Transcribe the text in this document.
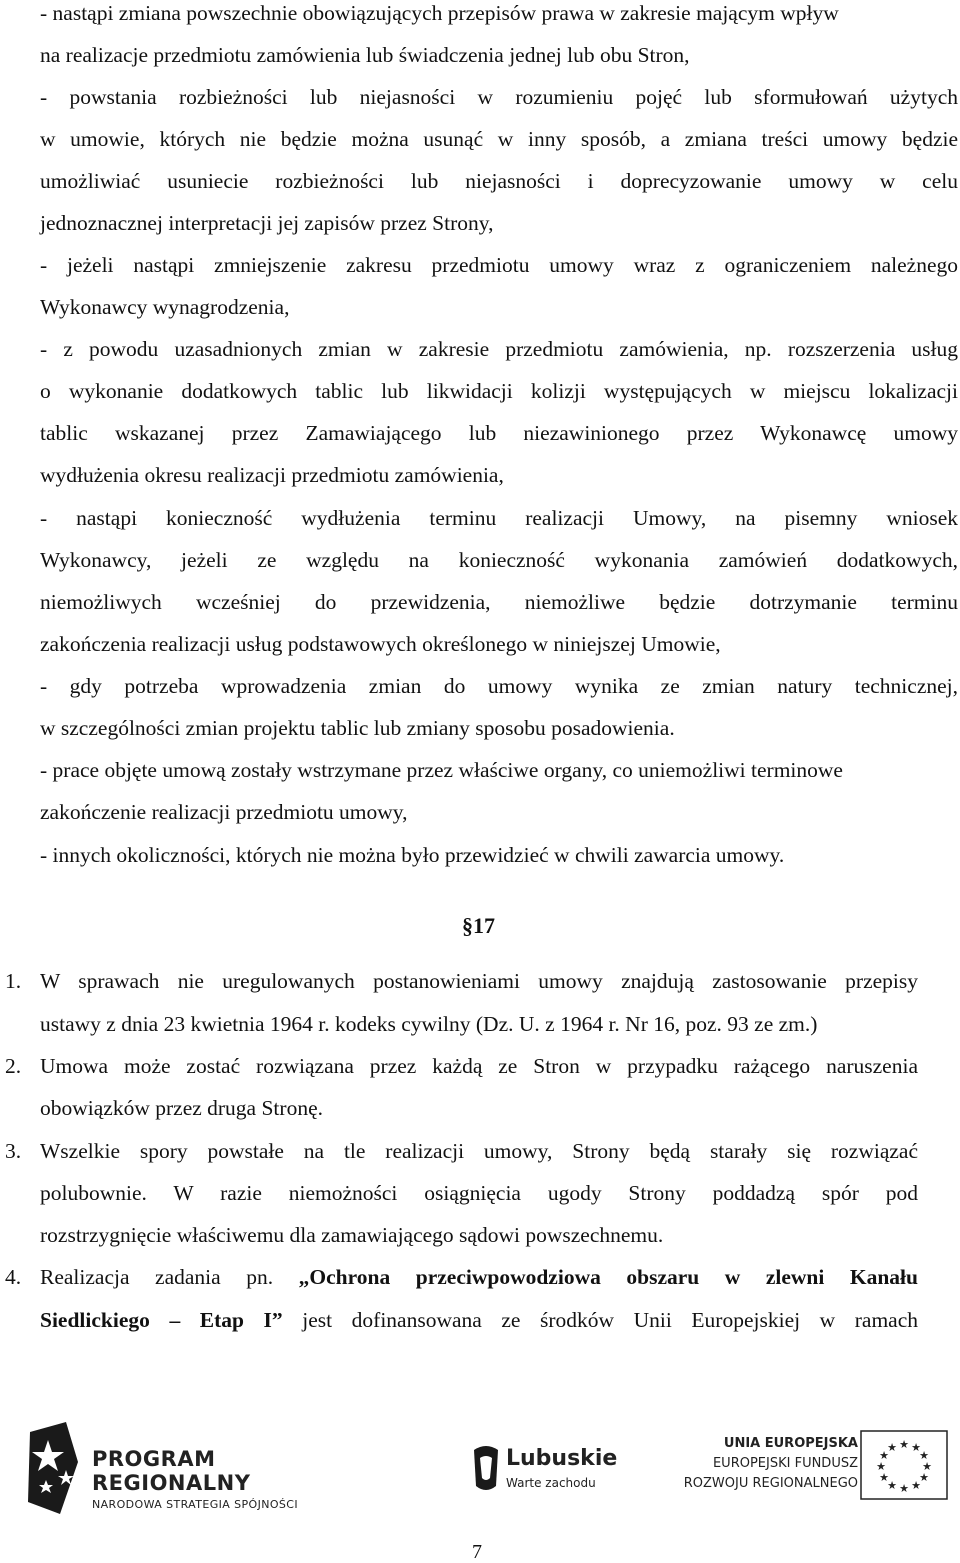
- nastąpi zmiana powszechnie obowiązujących przepisów prawa w zakresie mającym wpływ
na realizacje przedmiotu zamówienia lub świadczenia jednej lub obu Stron,
- powstania rozbieżności lub niejasności w rozumieniu pojęć lub sformułowań użytych
w umowie, których nie będzie można usunąć w inny sposób, a zmiana treści umowy będzie
umożliwiać usuniecie rozbieżności lub niejasności i doprecyzowanie umowy w celu
jednoznacznej interpretacji jej zapisów przez Strony,
- jeżeli nastąpi zmniejszenie zakresu przedmiotu umowy wraz z ograniczeniem należnego
Wykonawcy wynagrodzenia,
- z powodu uzasadnionych zmian w zakresie przedmiotu zamówienia, np. rozszerzenia usług
o wykonanie dodatkowych tablic lub likwidacji kolizji występujących w miejscu lokalizacji
tablic wskazanej przez Zamawiającego lub niezawinionego przez Wykonawcę umowy
wydłużenia okresu realizacji przedmiotu zamówienia,
- nastąpi konieczność wydłużenia terminu realizacji Umowy, na pisemny wniosek
Wykonawcy, jeżeli ze względu na konieczność wykonania zamówień dodatkowych,
niemożliwych wcześniej do przewidzenia, niemożliwe będzie dotrzymanie terminu
zakończenia realizacji usług podstawowych określonego w niniejszej Umowie,
- gdy potrzeba wprowadzenia zmian do umowy wynika ze zmian natury technicznej,
w szczególności zmian projektu tablic lub zmiany sposobu posadowienia.
- prace objęte umową zostały wstrzymane przez właściwe organy, co uniemożliwi terminowe
zakończenie realizacji przedmiotu umowy,
- innych okoliczności, których nie można było przewidzieć w chwili zawarcia umowy.
§17
1. W sprawach nie uregulowanych postanowieniami umowy znajdują zastosowanie przepisy
ustawy z dnia 23 kwietnia 1964 r. kodeks cywilny (Dz. U. z 1964 r. Nr 16, poz. 93 ze zm.)
2. Umowa może zostać rozwiązana przez każdą ze Stron w przypadku rażącego naruszenia
obowiązków przez druga Stronę.
3. Wszelkie spory powstałe na tle realizacji umowy, Strony będą starały się rozwiązać
polubownie. W razie niemożności osiągnięcia ugody Strony poddadzą spór pod
rozstrzygnięcie właściwemu dla zamawiającego sądowi powszechnemu.
4. Realizacja zadania pn. „Ochrona przeciwpowodziowa obszaru w zlewni Kanału
Siedlickiego – Etap I” jest dofinansowana ze środków Unii Europejskiej w ramach
PROGRAM
REGIONALNY
NARODOWA STRATEGIA SPÓJNOŚCI
Lubuskie
Warte zachodu
UNIA EUROPEJSKA
EUROPEJSKI FUNDUSZ
ROZWOJU REGIONALNEGO
★ ★
★
★
★
★
★
★
★
★
★
★
7
